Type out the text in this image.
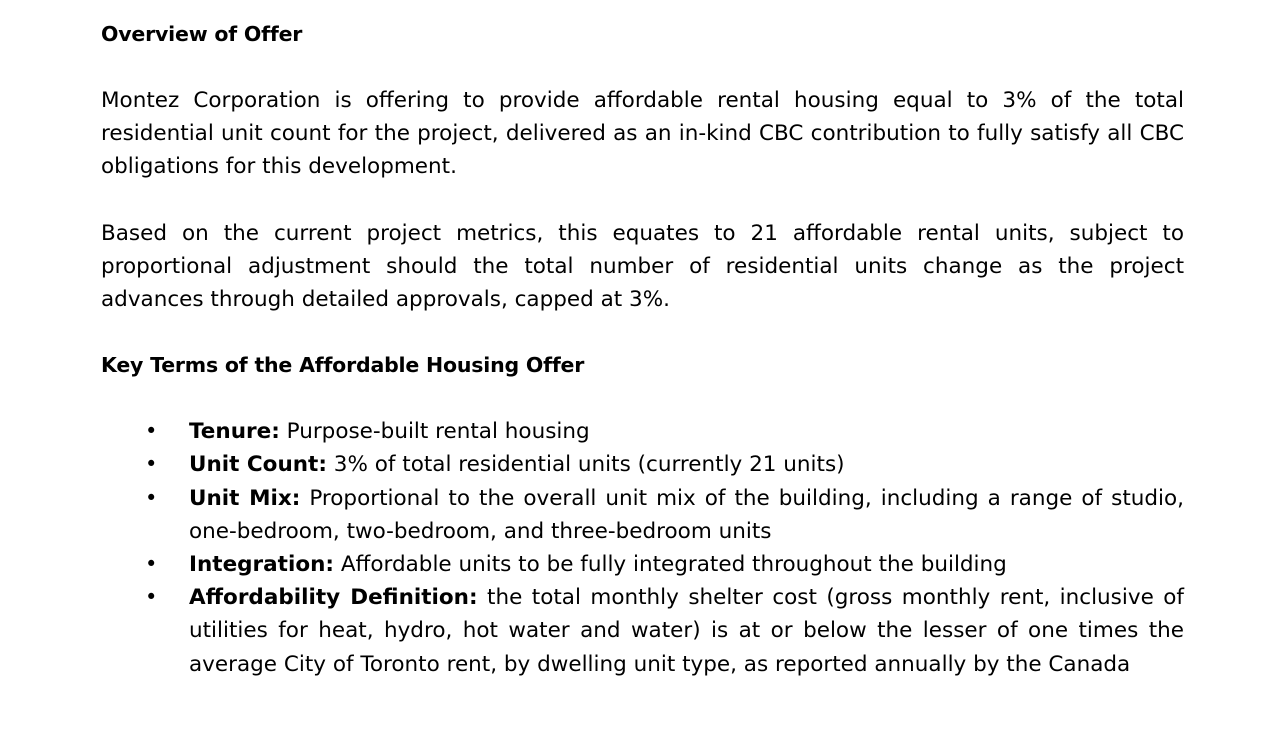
Overview of Offer

Montez Corporation is offering to provide affordable rental housing equal to 3% of the total residential unit count for the project, delivered as an in-kind CBC contribution to fully satisfy all CBC obligations for this development.

Based on the current project metrics, this equates to 21 affordable rental units, subject to proportional adjustment should the total number of residential units change as the project advances through detailed approvals, capped at 3%.

Key Terms of the Affordable Housing Offer
• Tenure: Purpose-built rental housing
• Unit Count: 3% of total residential units (currently 21 units)
• Unit Mix: Proportional to the overall unit mix of the building, including a range of studio, one-bedroom, two-bedroom, and three-bedroom units
• Integration: Affordable units to be fully integrated throughout the building
• Affordability Definition: the total monthly shelter cost (gross monthly rent, inclusive of utilities for heat, hydro, hot water and water) is at or below the lesser of one times the average City of Toronto rent, by dwelling unit type, as reported annually by the Canada
